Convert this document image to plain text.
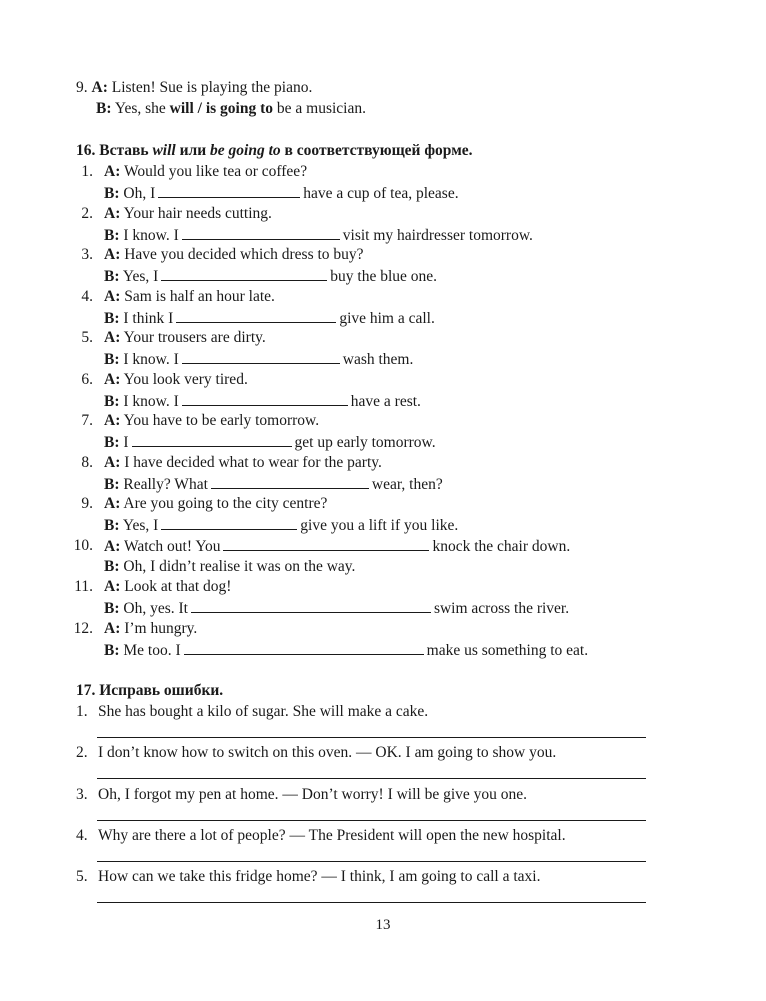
9. A: Listen! Sue is playing the piano.
B: Yes, she will / is going to be a musician.
16. Вставь will или be going to в соответствующей форме.
1. A: Would you like tea or coffee?
B: Oh, I	have a cup of tea, please.
2. A: Your hair needs cutting.
B: I know. I	visit my hairdresser tomorrow.
3. A: Have you decided which dress to buy?
B: Yes, I	buy the blue one.
4. A: Sam is half an hour late.
B: I think I	give him a call.
5. A: Your trousers are dirty.
B: I know. I	wash them.
6. A: You look very tired.
B: I know. I	have a rest.
7. A: You have to be early tomorrow.
B: I	get up early tomorrow.
8. A: I have decided what to wear for the party.
B: Really? What	wear, then?
9. A: Are you going to the city centre?
B: Yes, I	give you a lift if you like.
10. A: Watch out! You	knock the chair down.
B: Oh, I didn’t realise it was on the way.
11. A: Look at that dog!
B: Oh, yes. It	swim across the river.
12. A: I’m hungry.
B: Me too. I	make us something to eat.
17. Исправь ошибки.
1. She has bought a kilo of sugar. She will make a cake.
2. I don’t know how to switch on this oven. — OK. I am going to show you.
3. Oh, I forgot my pen at home. — Don’t worry! I will be give you one.
4. Why are there a lot of people? — The President will open the new hospital.
5. How can we take this fridge home? — I think, I am going to call a taxi.
13
